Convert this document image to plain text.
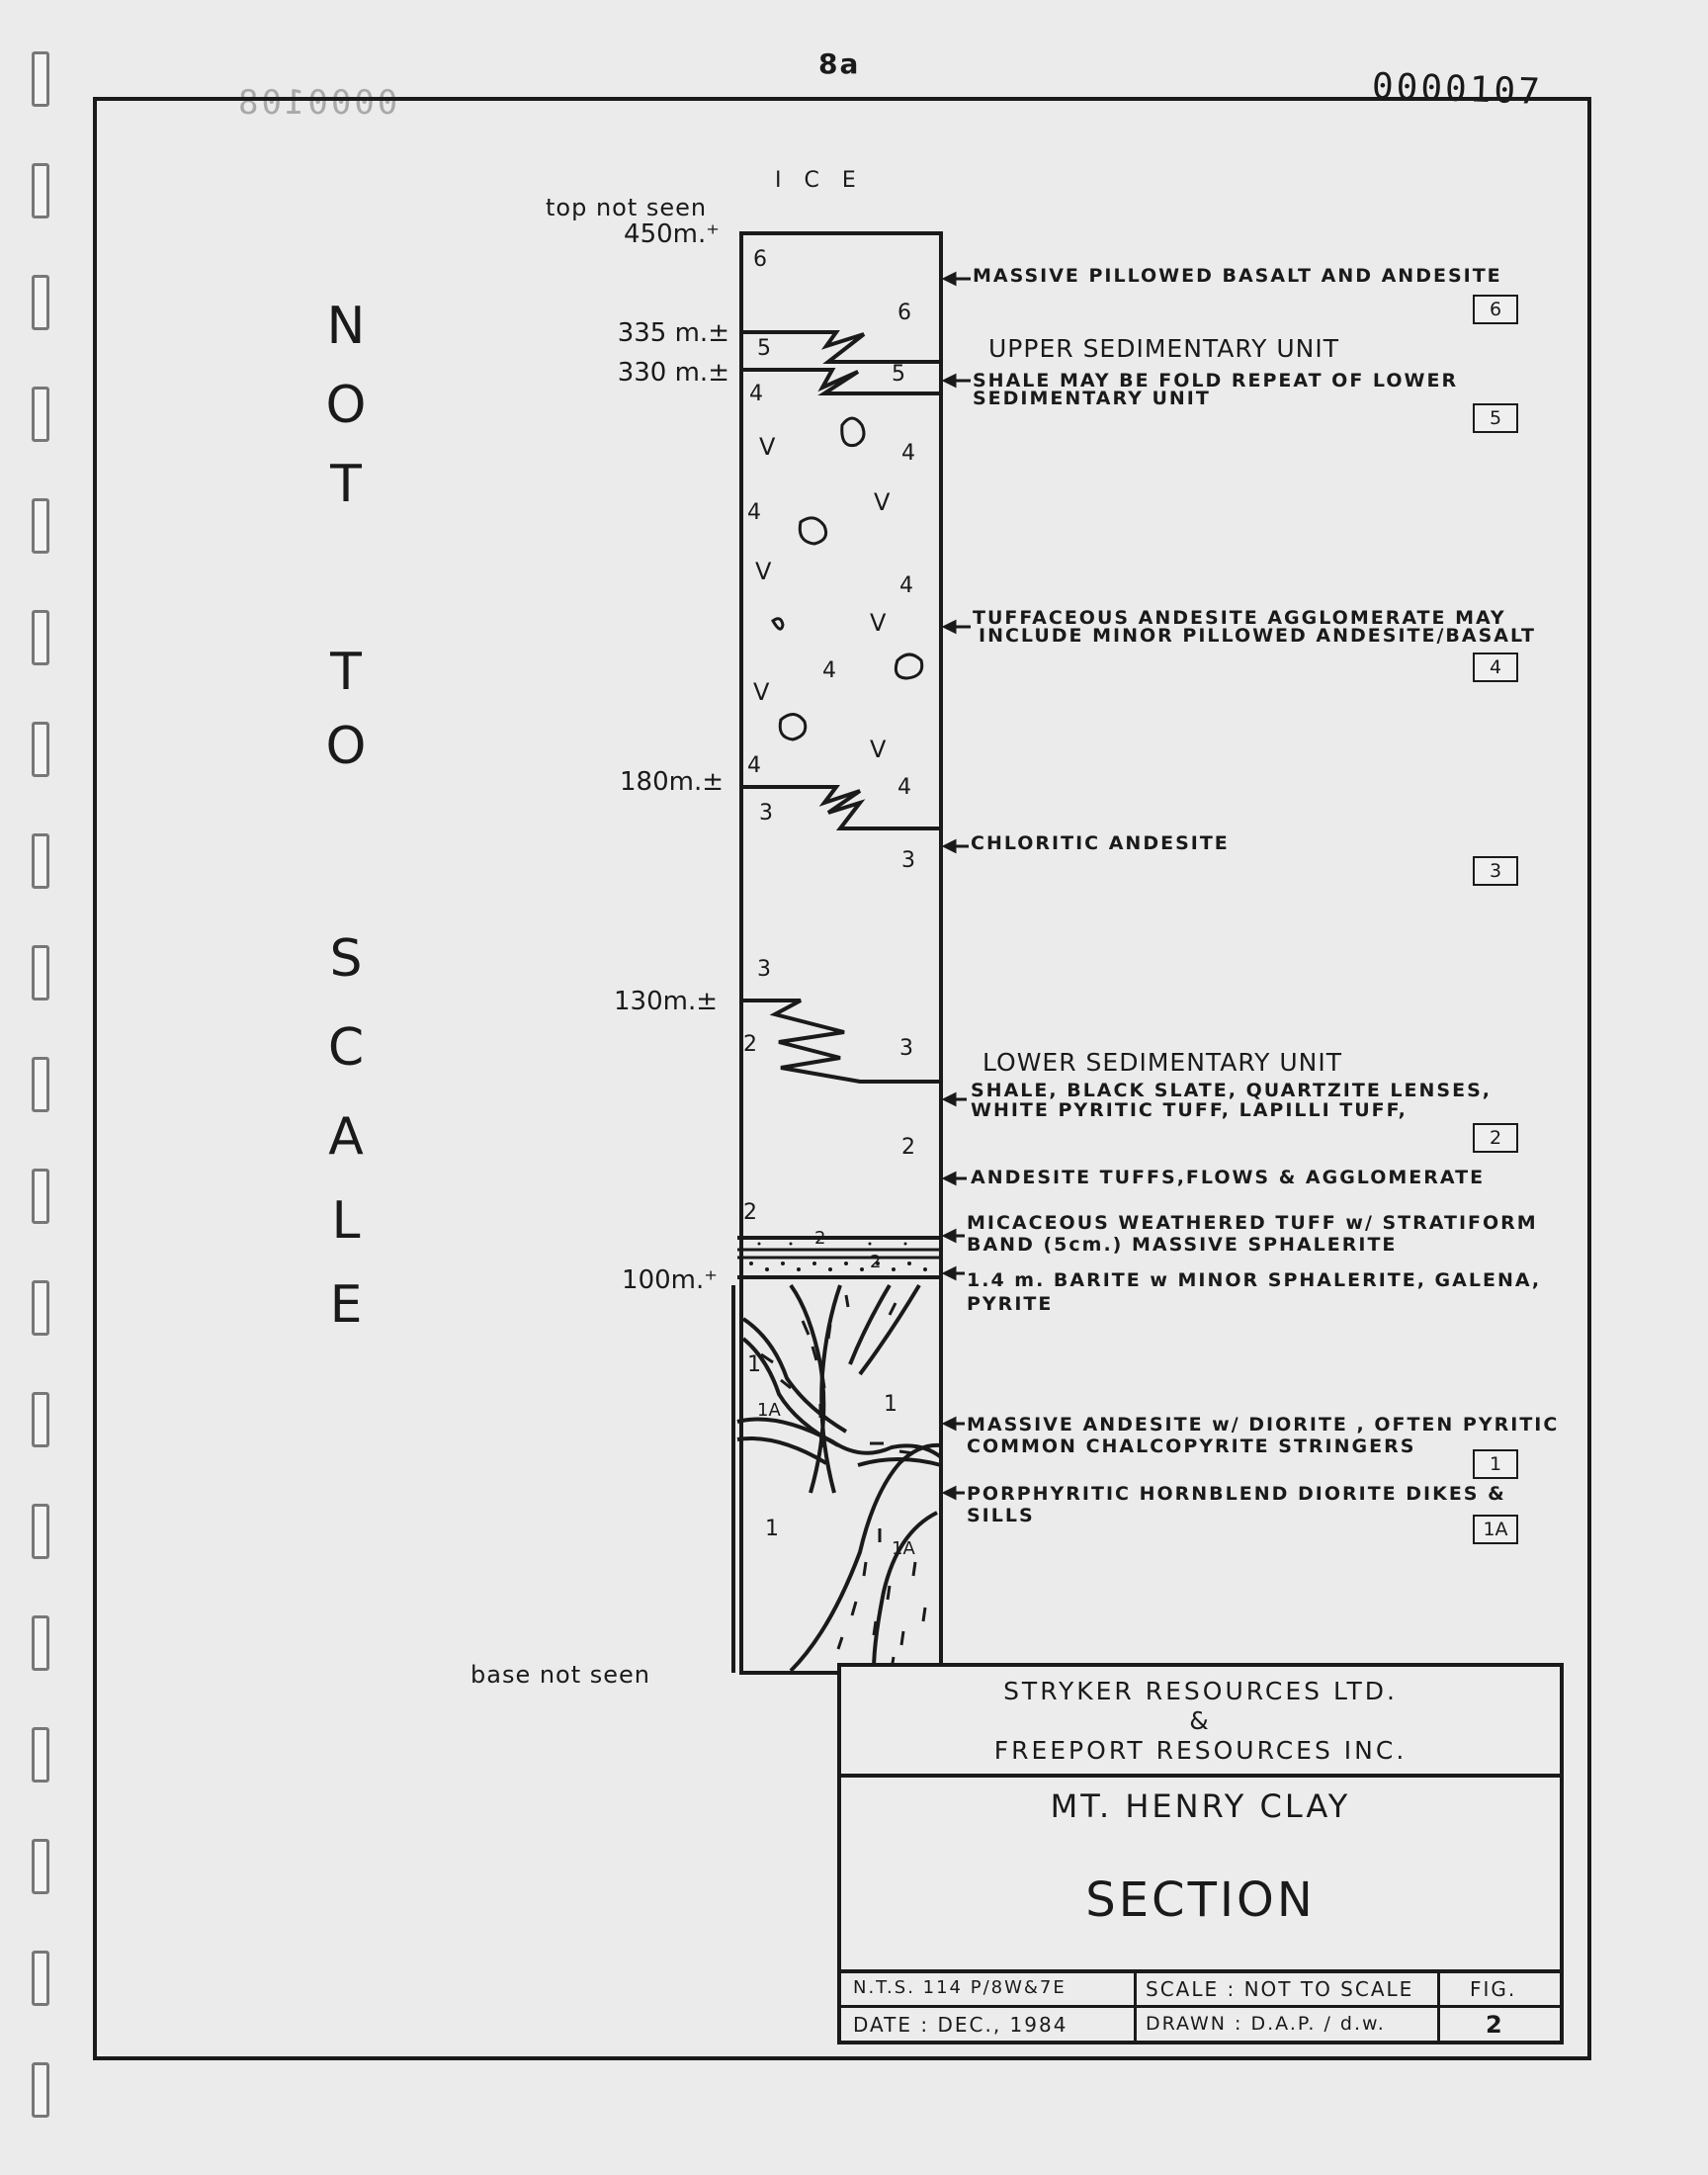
8a
0000107
0000108
N
O
T
T
O
S
C
A
L
E
I C E
top not seen
base not seen
450m.⁺
335 m.±
330 m.±
180m.±
130m.±
100m.⁺
6
6
5
5
4
4
4
4
4
4
4
V
V
V
V
V
V
3
3
3
3
2
2
2
2
2
1
1
1
1A
1A
MASSIVE PILLOWED BASALT AND ANDESITE
6
UPPER SEDIMENTARY UNIT
SHALE MAY BE FOLD REPEAT OF LOWER
SEDIMENTARY UNIT
5
TUFFACEOUS ANDESITE AGGLOMERATE MAY
INCLUDE MINOR PILLOWED ANDESITE/BASALT
4
CHLORITIC ANDESITE
3
LOWER SEDIMENTARY UNIT
SHALE, BLACK SLATE, QUARTZITE LENSES,
WHITE PYRITIC TUFF, LAPILLI TUFF,
2
ANDESITE TUFFS,FLOWS & AGGLOMERATE
MICACEOUS WEATHERED TUFF w/ STRATIFORM
BAND (5cm.) MASSIVE SPHALERITE
1.4 m. BARITE w MINOR SPHALERITE, GALENA,
PYRITE
MASSIVE ANDESITE w/ DIORITE , OFTEN PYRITIC
COMMON CHALCOPYRITE STRINGERS
1
PORPHYRITIC HORNBLEND DIORITE DIKES &
SILLS
1A
STRYKER RESOURCES LTD.
&
FREEPORT RESOURCES INC.
MT. HENRY CLAY
SECTION
N.T.S. 114 P/8W&7E	SCALE : NOT TO SCALE	FIG.
DATE : DEC., 1984	DRAWN : D.A.P. / d.w.	2
